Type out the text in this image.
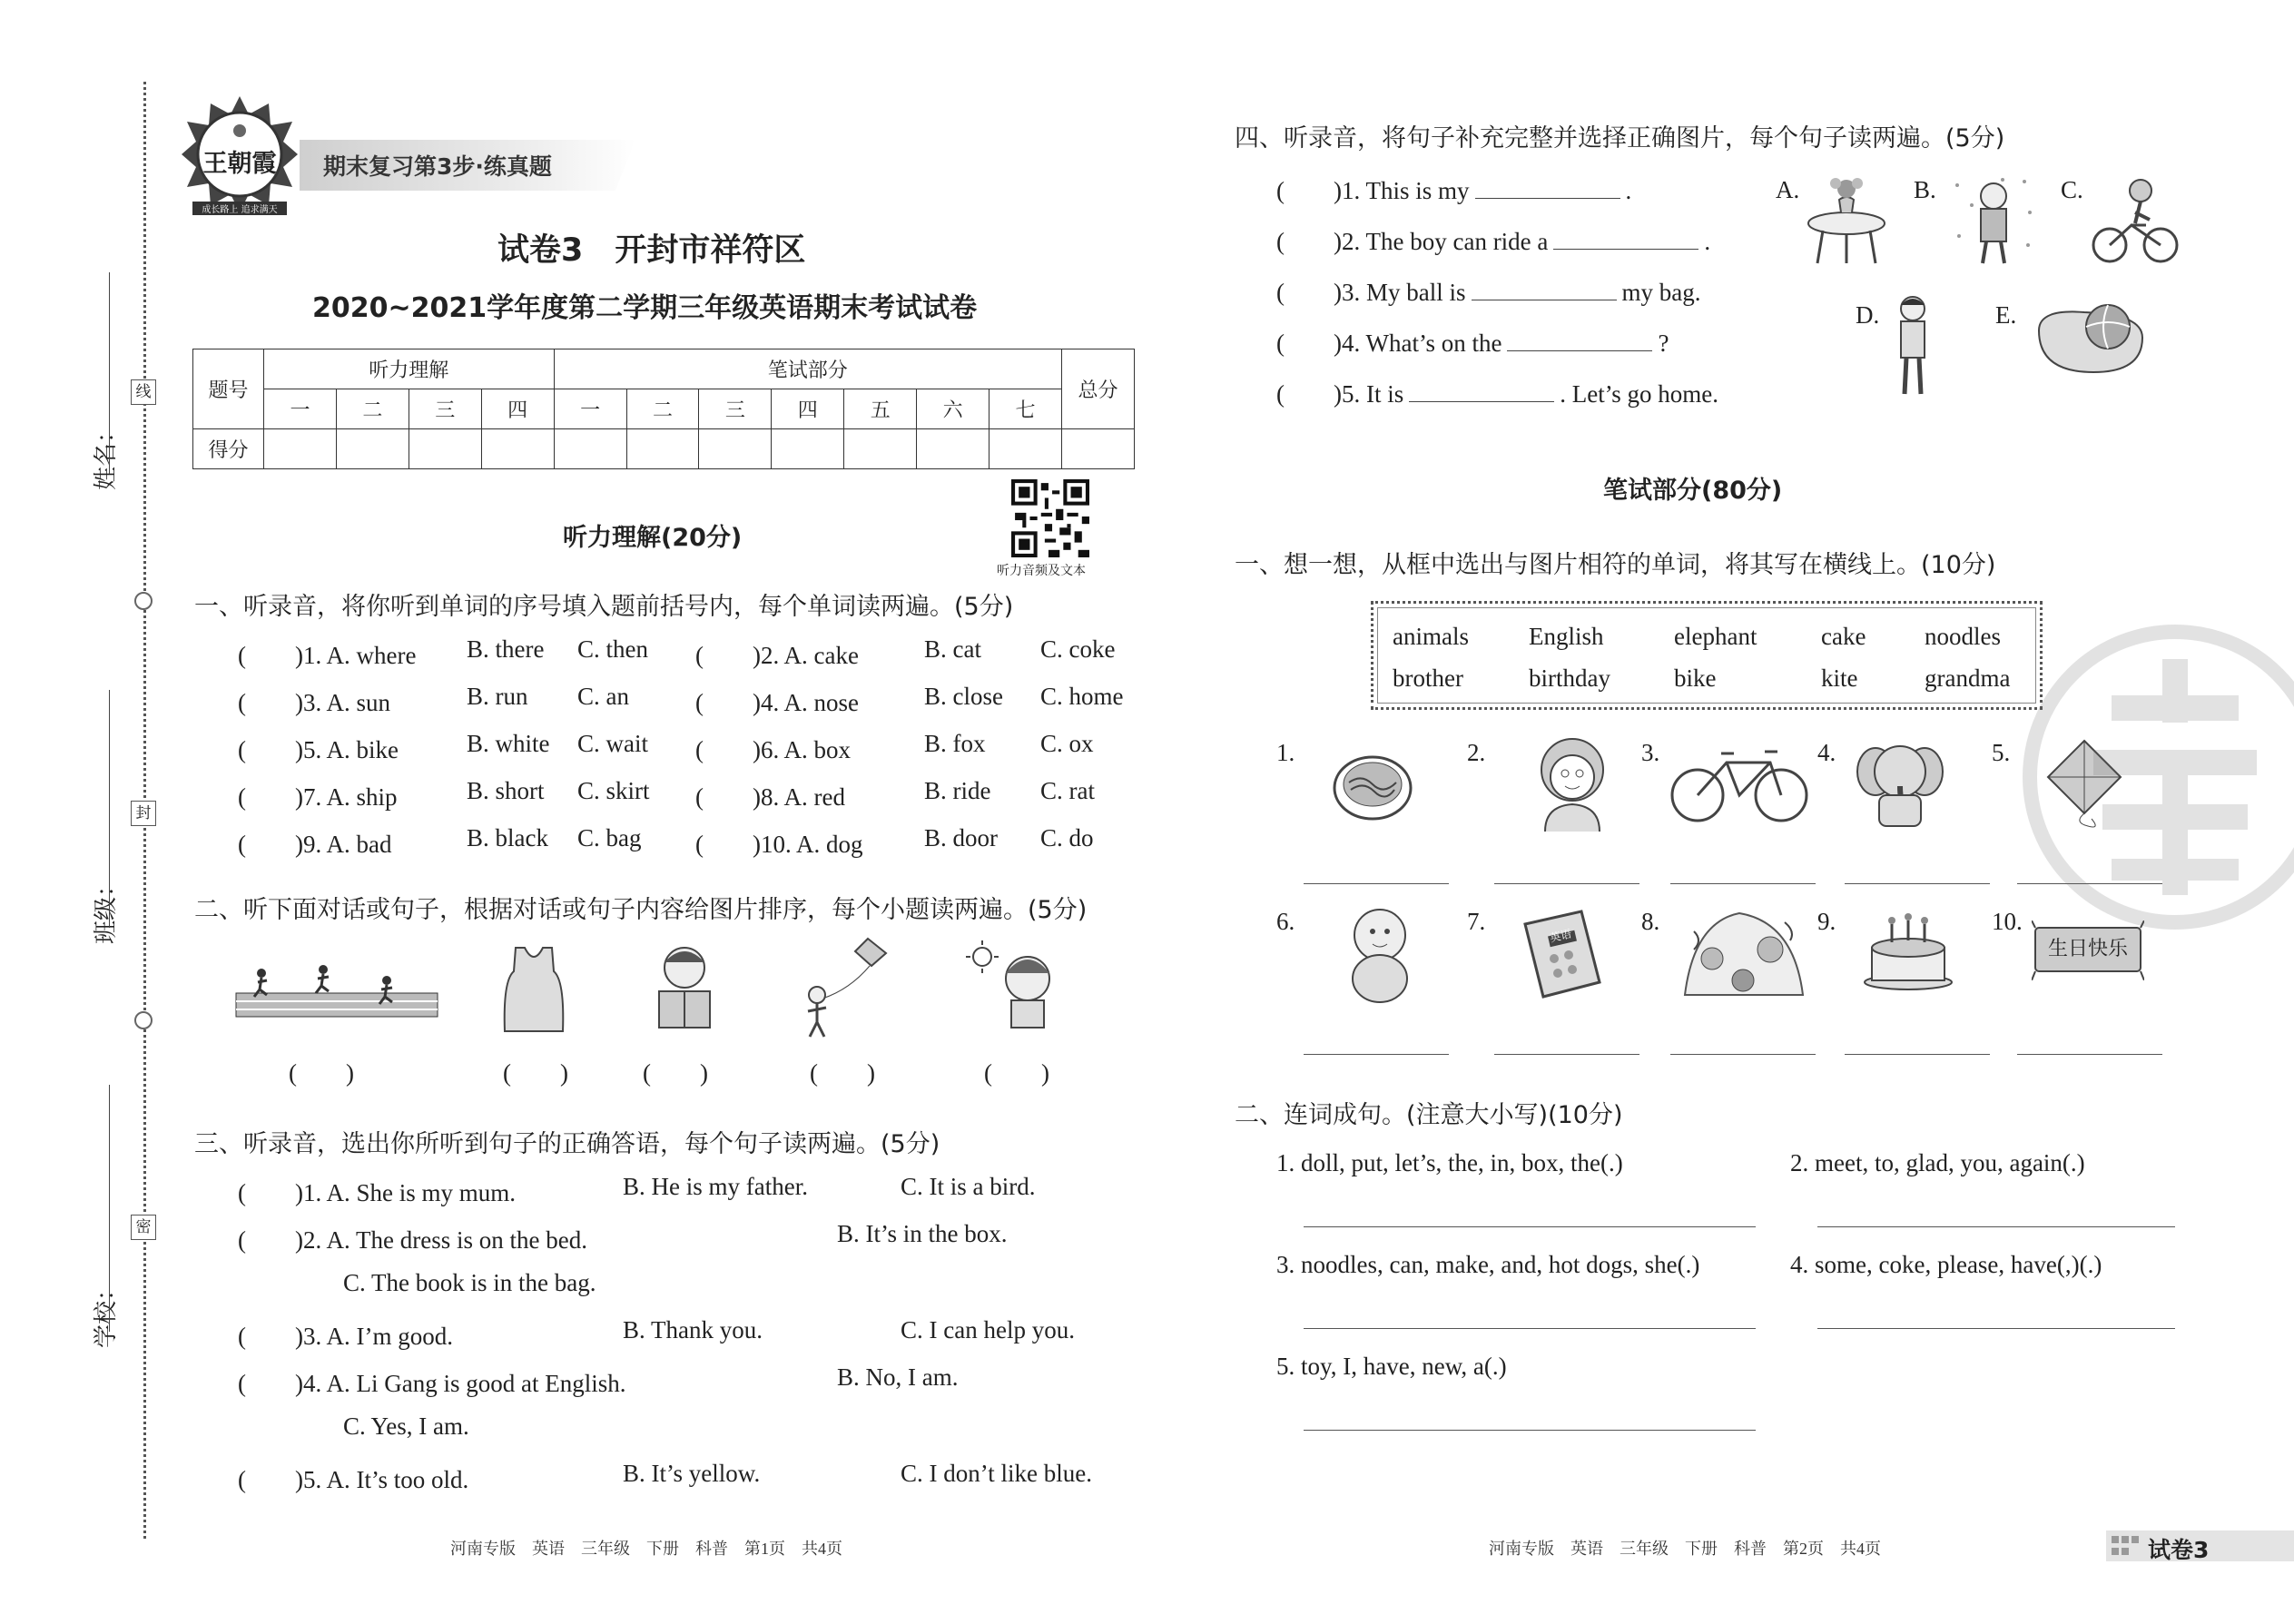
线
封
密
姓名：
班级：
学校：
王朝霞
成长路上 追求满天
期末复习第3步·练真题
试卷3　开封市祥符区
2020~2021学年度第二学期三年级英语期末考试试卷
题号	听力理解				笔试部分							总分
	一	二	三	四	一	二	三	四	五	六	七	
得分												
听力音频及文本
听力理解(20分)
一、听录音，将你听到单词的序号填入题前括号内，每个单词读两遍。(5分)
(　　)1. A. where B. there C. then (　　)2. A. cake	B. cat C. coke
(　　)3. A. sun	B. run C. an	(　　)4. A. nose	B. close C. home
(　　)5. A. bike	B. white C. wait (　　)6. A. box	B. fox C. ox
(　　)7. A. ship	B. short C. skirt (　　)8. A. red	B. ride C. rat
(　　)9. A. bad	B. black C. bag (　　)10. A. dog	B. door C. do
二、听下面对话或句子，根据对话或句子内容给图片排序，每个小题读两遍。(5分)
(　　)	(　　)	(　　)	(　　)	(　　)
三、听录音，选出你所听到句子的正确答语，每个句子读两遍。(5分)
(　　)1. A. She is my mum.	B. He is my father.	C. It is a bird.
(　　)2. A. The dress is on the bed.	B. It’s in the box.
C. The book is in the bag.
(　　)3. A. I’m good.	B. Thank you.	C. I can help you.
(　　)4. A. Li Gang is good at English.	B. No, I am.
C. Yes, I am.
(　　)5. A. It’s too old.	B. It’s yellow.	C. I don’t like blue.
河南专版　英语　三年级　下册　科普　第1页　共4页
四、听录音，将句子补充完整并选择正确图片，每个句子读两遍。(5分)
(　　)1. This is my	.
(　　)2. The boy can ride a	.
(　　)3. My ball is	my bag.
(　　)4. What’s on the	?
(　　)5. It is	. Let’s go home.
A.	B.	C.
D.	E.
笔试部分(80分)
一、想一想，从框中选出与图片相符的单词，将其写在横线上。(10分)
animals English	elephant	cake noodles
brother	birthday	bike	kite	grandma
1.	2.	3.	4.	5.
6.	7.	8.	9.	10.
英语
生日快乐
二、连词成句。(注意大小写)(10分)
1. doll, put, let’s, the, in, box, the(.)	2. meet, to, glad, you, again(.)
3. noodles, can, make, and, hot dogs, she(.)	4. some, coke, please, have(,)(.)
5. toy, I, have, new, a(.)
河南专版　英语　三年级　下册　科普　第2页　共4页	试卷3
